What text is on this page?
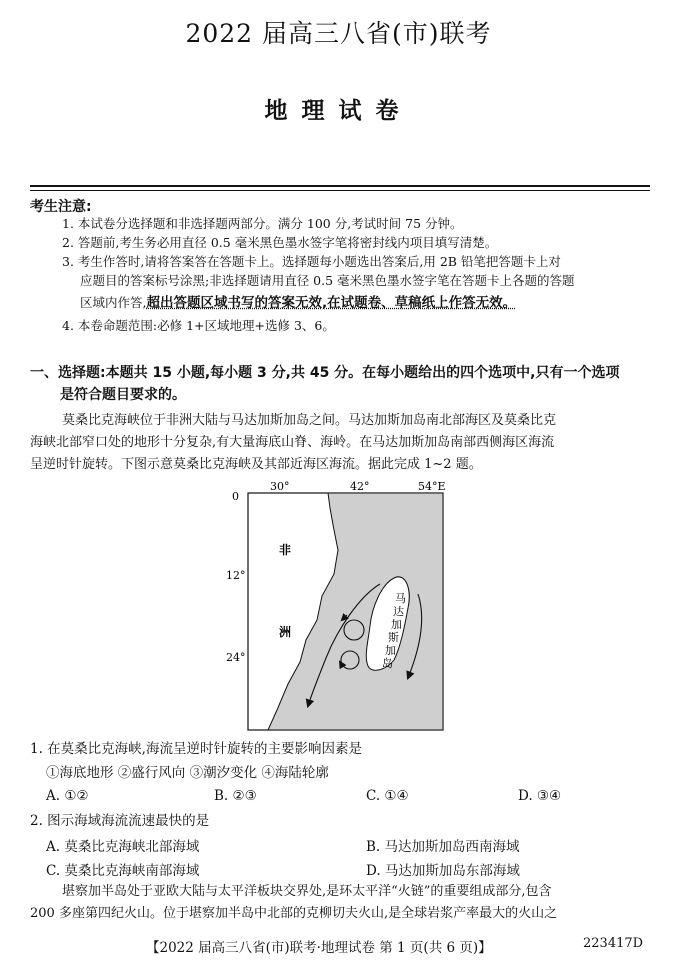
2022 届高三八省(市)联考
地理试卷
考生注意:
1. 本试卷分选择题和非选择题两部分。满分 100 分,考试时间 75 分钟。
2. 答题前,考生务必用直径 0.5 毫米黑色墨水签字笔将密封线内项目填写清楚。
3. 考生作答时,请将答案答在答题卡上。选择题每小题选出答案后,用 2B 铅笔把答题卡上对
应题目的答案标号涂黑;非选择题请用直径 0.5 毫米黑色墨水签字笔在答题卡上各题的答题
区域内作答,超出答题区域书写的答案无效,在试题卷、草稿纸上作答无效。
4. 本卷命题范围:必修 1+区域地理+选修 3、6。
一、选择题:本题共 15 小题,每小题 3 分,共 45 分。在每小题给出的四个选项中,只有一个选项
是符合题目要求的。
莫桑比克海峡位于非洲大陆与马达加斯加岛之间。马达加斯加岛南北部海区及莫桑比克
海峡北部窄口处的地形十分复杂,有大量海底山脊、海岭。在马达加斯加岛南部西侧海区海流
呈逆时针旋转。下图示意莫桑比克海峡及其部近海区海流。据此完成 1~2 题。
30°	42°	54°E
0
12°
24°
非
洲
马
达
加
斯
加
岛
1. 在莫桑比克海峡,海流呈逆时针旋转的主要影响因素是
①海底地形 ②盛行风向 ③潮汐变化 ④海陆轮廓
A. ①②	B. ②③	C. ①④	D. ③④
2. 图示海域海流流速最快的是
A. 莫桑比克海峡北部海域	B. 马达加斯加岛西南海域
C. 莫桑比克海峡南部海域	D. 马达加斯加岛东部海域
堪察加半岛处于亚欧大陆与太平洋板块交界处,是环太平洋“火链”的重要组成部分,包含
200 多座第四纪火山。位于堪察加半岛中北部的克柳切夫火山,是全球岩浆产率最大的火山之
【2022 届高三八省(市)联考·地理试卷 第 1 页(共 6 页)】	223417D
